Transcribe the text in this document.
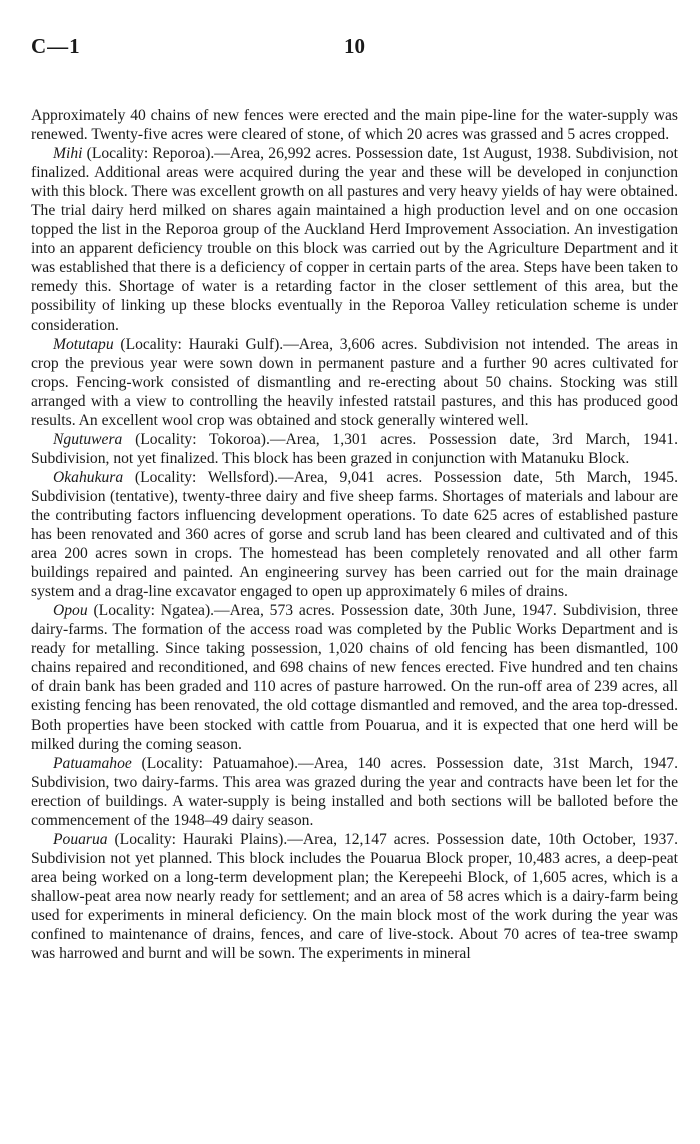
C—1	10

Approximately 40 chains of new fences were erected and the main pipe-line for the water-supply was renewed. Twenty-five acres were cleared of stone, of which 20 acres was grassed and 5 acres cropped.

Mihi (Locality: Reporoa).—Area, 26,992 acres. Possession date, 1st August, 1938. Subdivision, not finalized. Additional areas were acquired during the year and these will be developed in conjunction with this block. There was excellent growth on all pastures and very heavy yields of hay were obtained. The trial dairy herd milked on shares again maintained a high production level and on one occasion topped the list in the Reporoa group of the Auckland Herd Improvement Association. An investigation into an apparent deficiency trouble on this block was carried out by the Agriculture Department and it was established that there is a deficiency of copper in certain parts of the area. Steps have been taken to remedy this. Shortage of water is a retarding factor in the closer settlement of this area, but the possibility of linking up these blocks eventually in the Reporoa Valley reticulation scheme is under consideration.

Motutapu (Locality: Hauraki Gulf).—Area, 3,606 acres. Subdivision not intended. The areas in crop the previous year were sown down in permanent pasture and a further 90 acres cultivated for crops. Fencing-work consisted of dismantling and re-erecting about 50 chains. Stocking was still arranged with a view to controlling the heavily infested ratstail pastures, and this has produced good results. An excellent wool crop was obtained and stock generally wintered well.

Ngutuwera (Locality: Tokoroa).—Area, 1,301 acres. Possession date, 3rd March, 1941. Subdivision, not yet finalized. This block has been grazed in conjunction with Matanuku Block.

Okahukura (Locality: Wellsford).—Area, 9,041 acres. Possession date, 5th March, 1945. Subdivision (tentative), twenty-three dairy and five sheep farms. Shortages of materials and labour are the contributing factors influencing development operations. To date 625 acres of established pasture has been renovated and 360 acres of gorse and scrub land has been cleared and cultivated and of this area 200 acres sown in crops. The homestead has been completely renovated and all other farm buildings repaired and painted. An engineering survey has been carried out for the main drainage system and a drag-line excavator engaged to open up approximately 6 miles of drains.

Opou (Locality: Ngatea).—Area, 573 acres. Possession date, 30th June, 1947. Subdivision, three dairy-farms. The formation of the access road was completed by the Public Works Department and is ready for metalling. Since taking possession, 1,020 chains of old fencing has been dismantled, 100 chains repaired and reconditioned, and 698 chains of new fences erected. Five hundred and ten chains of drain bank has been graded and 110 acres of pasture harrowed. On the run-off area of 239 acres, all existing fencing has been renovated, the old cottage dismantled and removed, and the area top-dressed. Both properties have been stocked with cattle from Pouarua, and it is expected that one herd will be milked during the coming season.

Patuamahoe (Locality: Patuamahoe).—Area, 140 acres. Possession date, 31st March, 1947. Subdivision, two dairy-farms. This area was grazed during the year and contracts have been let for the erection of buildings. A water-supply is being installed and both sections will be balloted before the commencement of the 1948–49 dairy season.

Pouarua (Locality: Hauraki Plains).—Area, 12,147 acres. Possession date, 10th October, 1937. Subdivision not yet planned. This block includes the Pouarua Block proper, 10,483 acres, a deep-peat area being worked on a long-term development plan; the Kerepeehi Block, of 1,605 acres, which is a shallow-peat area now nearly ready for settlement; and an area of 58 acres which is a dairy-farm being used for experiments in mineral deficiency. On the main block most of the work during the year was confined to maintenance of drains, fences, and care of live-stock. About 70 acres of tea-tree swamp was harrowed and burnt and will be sown. The experiments in mineral
